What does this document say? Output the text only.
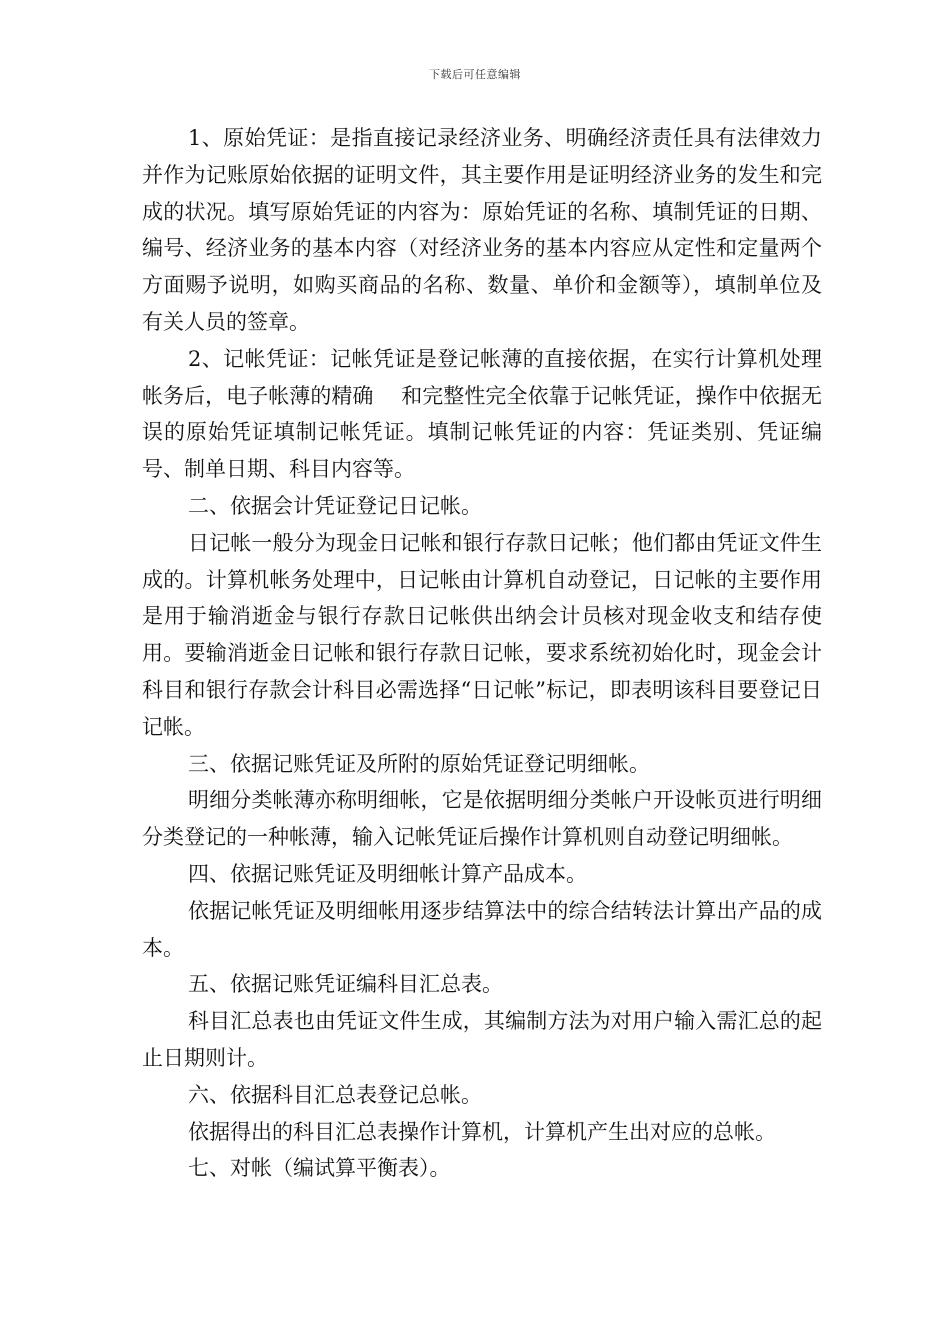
下载后可任意编辑

1、原始凭证：是指直接记录经济业务、明确经济责任具有法律效力并作为记账原始依据的证明文件，其主要作用是证明经济业务的发生和完成的状况。填写原始凭证的内容为：原始凭证的名称、填制凭证的日期、编号、经济业务的基本内容（对经济业务的基本内容应从定性和定量两个方面赐予说明，如购买商品的名称、数量、单价和金额等），填制单位及有关人员的签章。

2、记帐凭证：记帐凭证是登记帐薄的直接依据，在实行计算机处理帐务后，电子帐薄的精确　 和完整性完全依靠于记帐凭证，操作中依据无误的原始凭证填制记帐凭证。填制记帐凭证的内容：凭证类别、凭证编号、制单日期、科目内容等。

二、依据会计凭证登记日记帐。

日记帐一般分为现金日记帐和银行存款日记帐；他们都由凭证文件生成的。计算机帐务处理中，日记帐由计算机自动登记，日记帐的主要作用是用于输消逝金与银行存款日记帐供出纳会计员核对现金收支和结存使用。要输消逝金日记帐和银行存款日记帐，要求系统初始化时，现金会计科目和银行存款会计科目必需选择“日记帐”标记，即表明该科目要登记日记帐。

三、依据记账凭证及所附的原始凭证登记明细帐。

明细分类帐薄亦称明细帐，它是依据明细分类帐户开设帐页进行明细分类登记的一种帐薄，输入记帐凭证后操作计算机则自动登记明细帐。

四、依据记账凭证及明细帐计算产品成本。

依据记帐凭证及明细帐用逐步结算法中的综合结转法计算出产品的成本。

五、依据记账凭证编科目汇总表。

科目汇总表也由凭证文件生成，其编制方法为对用户输入需汇总的起止日期则计。

六、依据科目汇总表登记总帐。

依据得出的科目汇总表操作计算机，计算机产生出对应的总帐。

七、对帐（编试算平衡表）。
